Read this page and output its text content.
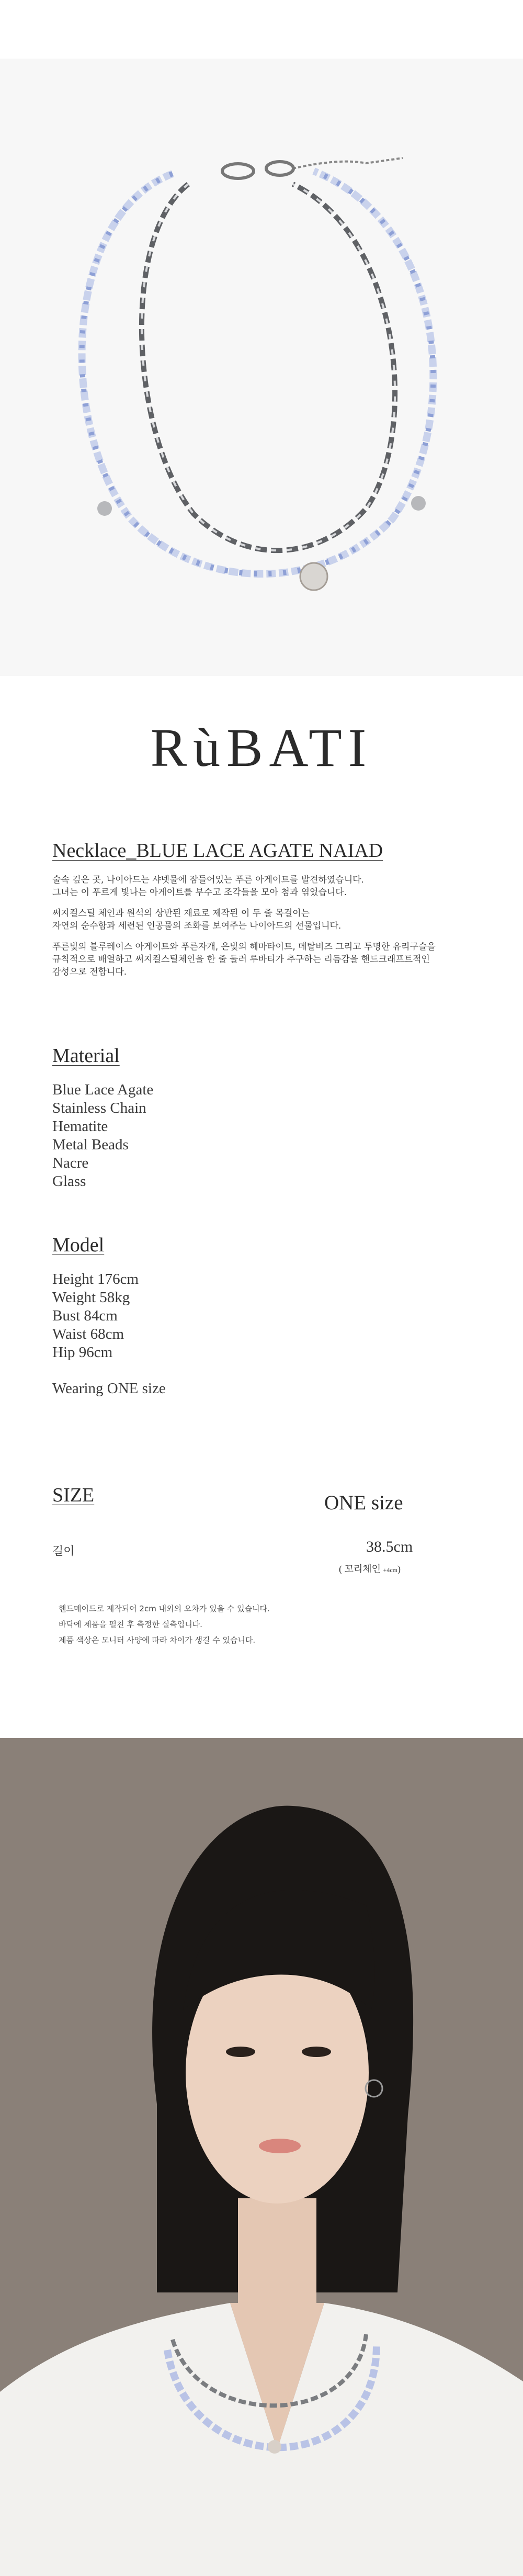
RùBATI
Necklace_BLUE LACE AGATE NAIAD

술속 깊은 곳, 나이아드는 샤넷물에 잠들어있는 푸른 아게이트를 발견하였습니다.

그녀는 이 푸르게 빛나는 아게이트를 부수고 조각들을 모아 첨과 엮었습니다.

써지컬스틸 체인과 원석의 상반된 재료로 제작된 이 두 줄 목걸이는

자연의 순수함과 세련된 인공물의 조화를 보여주는 나이아드의 선물입니다.

푸른빛의 블루레이스 아게이트와 푸른자개, 은빛의 헤마타이트, 메탈비즈 그리고 투명한 유리구슬을

규칙적으로 배열하고 써지컬스틸체인을 한 줄 둘러 루바티가 추구하는 리듬감을 핸드크래프트적인

감성으로 전합니다.

Material
Blue Lace Agate
Stainless Chain
Hematite
Metal Beads
Nacre
Glass
Model
Height 176cm
Weight 58kg
Bust 84cm
Waist 68cm
Hip 96cm
Wearing ONE size
SIZE	ONE size
길이	38.5cm
( 꼬리체인 +4cm)
핸드메이드로 제작되어 2cm 내외의 오차가 있을 수 있습니다.
바닥에 제품을 펼친 후 측정한 실측입니다.
제품 색상은 모니터 사양에 따라 차이가 생길 수 있습니다.
